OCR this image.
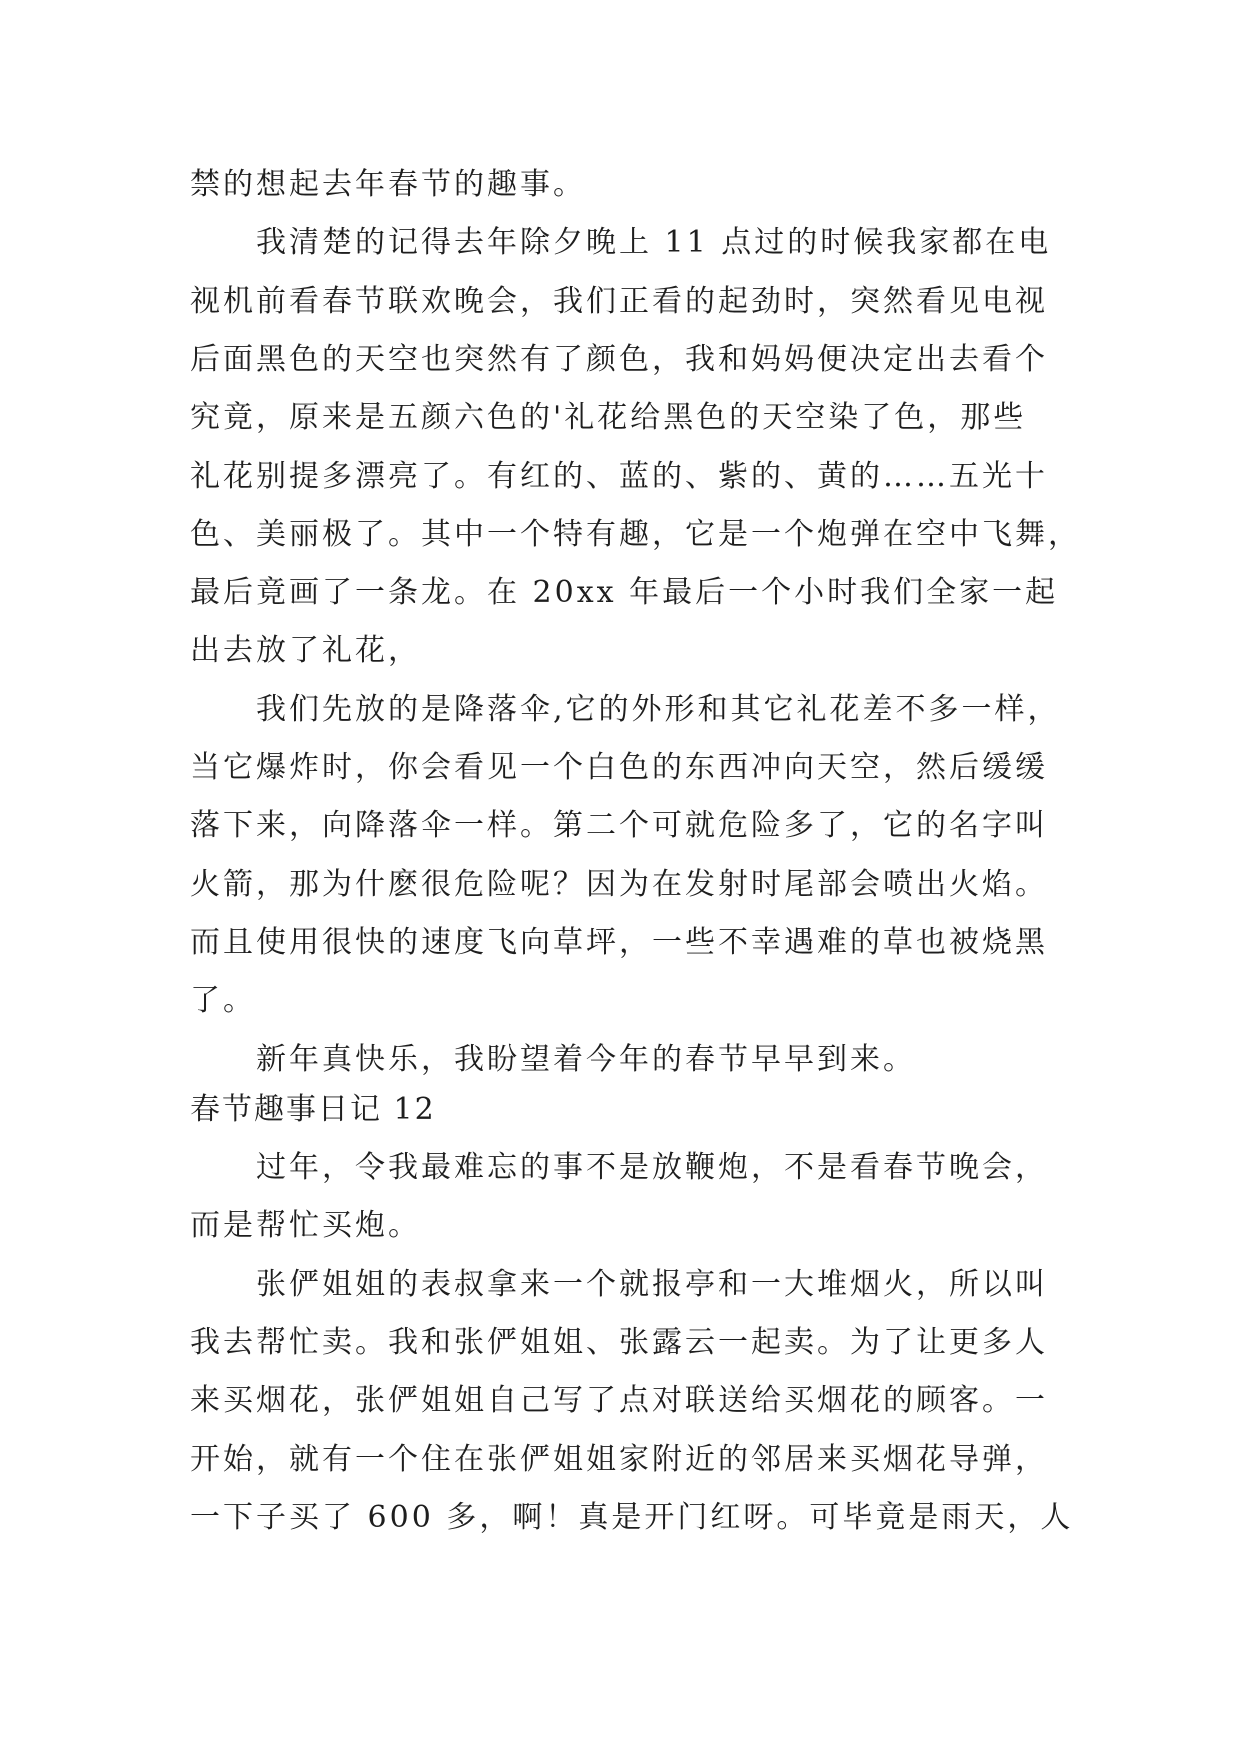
禁的想起去年春节的趣事。
我清楚的记得去年除夕晚上 11 点过的时候我家都在电
视机前看春节联欢晚会，我们正看的起劲时，突然看见电视
后面黑色的天空也突然有了颜色，我和妈妈便决定出去看个
究竟，原来是五颜六色的'礼花给黑色的天空染了色，那些
礼花别提多漂亮了。有红的、蓝的、紫的、黄的……五光十
色、美丽极了。其中一个特有趣，它是一个炮弹在空中飞舞，
最后竟画了一条龙。在 20xx 年最后一个小时我们全家一起
出去放了礼花，
我们先放的是降落伞,它的外形和其它礼花差不多一样，
当它爆炸时，你会看见一个白色的东西冲向天空，然后缓缓
落下来，向降落伞一样。第二个可就危险多了，它的名字叫
火箭，那为什麽很危险呢？因为在发射时尾部会喷出火焰。
而且使用很快的速度飞向草坪，一些不幸遇难的草也被烧黑
了。
新年真快乐，我盼望着今年的春节早早到来。
春节趣事日记 12
过年，令我最难忘的事不是放鞭炮，不是看春节晚会，
而是帮忙买炮。
张俨姐姐的表叔拿来一个就报亭和一大堆烟火，所以叫
我去帮忙卖。我和张俨姐姐、张露云一起卖。为了让更多人
来买烟花，张俨姐姐自己写了点对联送给买烟花的顾客。一
开始，就有一个住在张俨姐姐家附近的邻居来买烟花导弹，
一下子买了 600 多，啊！真是开门红呀。可毕竟是雨天，人
